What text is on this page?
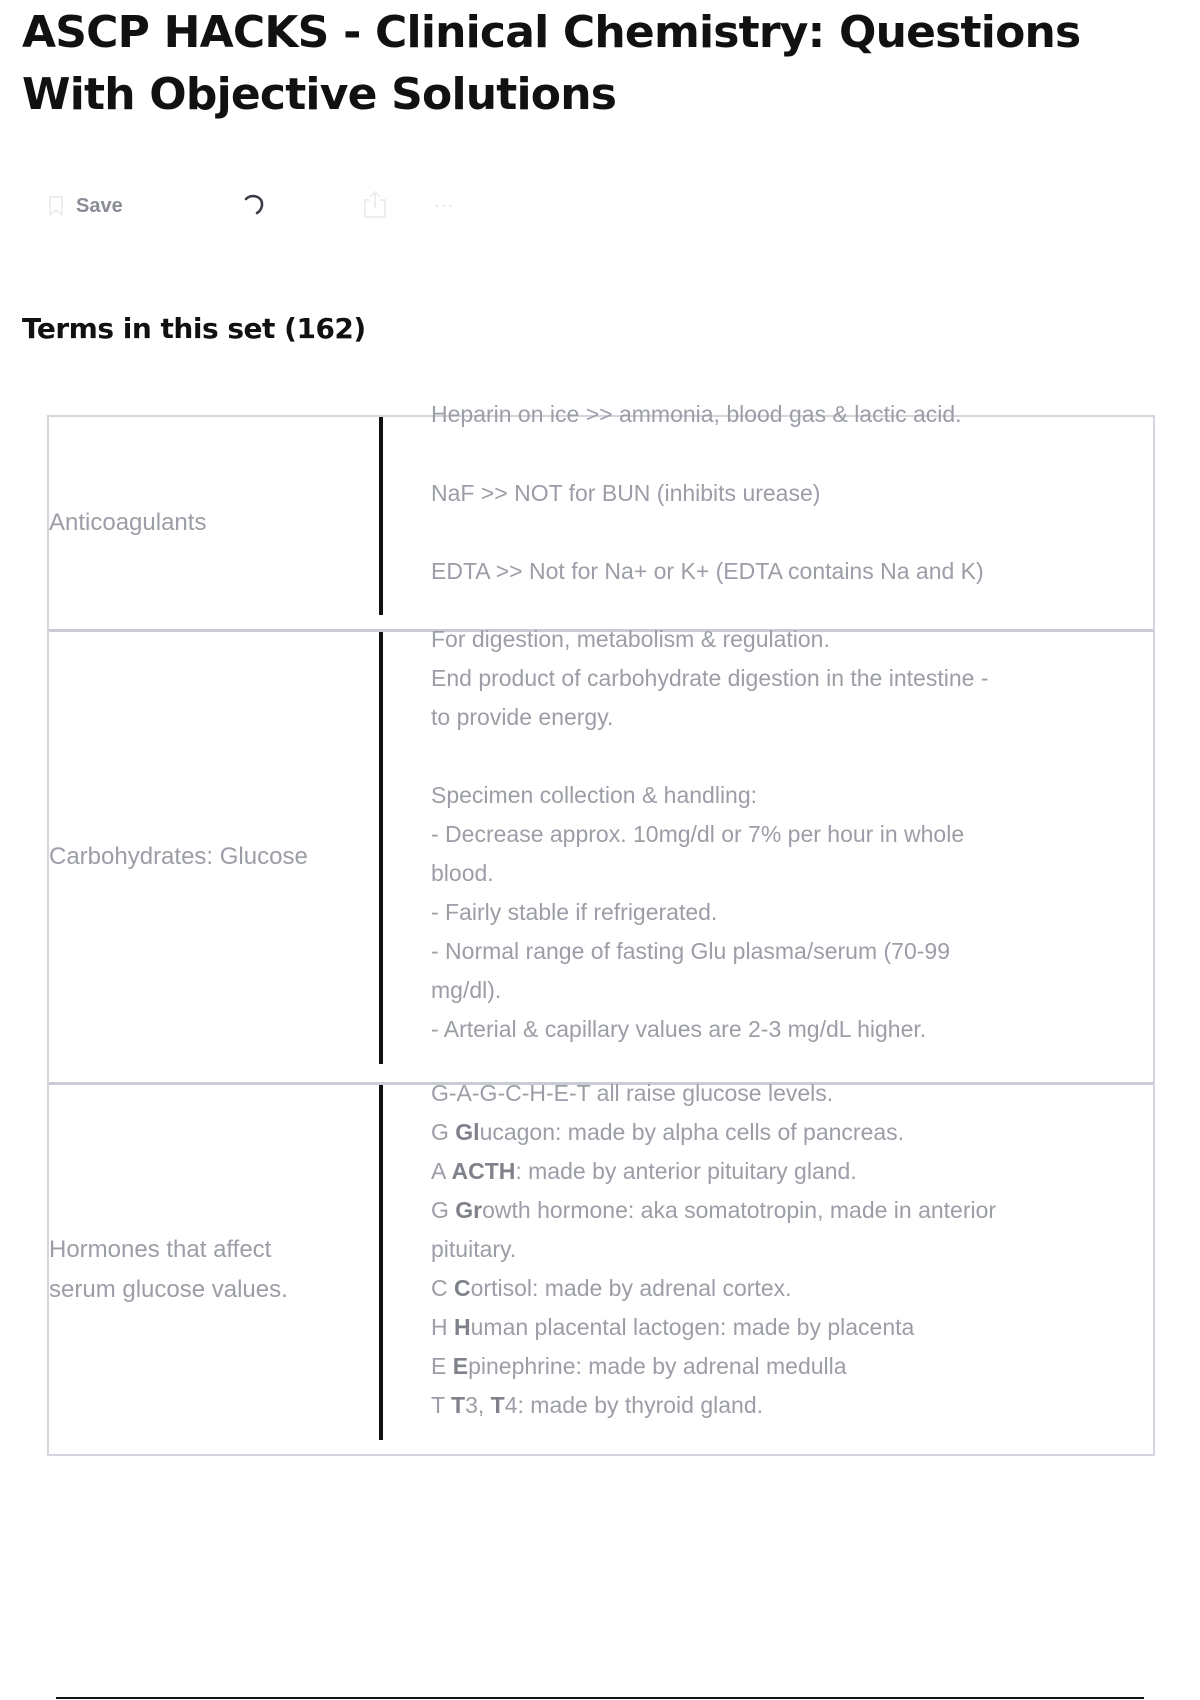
ASCP HACKS - Clinical Chemistry: Questions With Objective Solutions
Save	···
Terms in this set (162)
Anticoagulants
Heparin on ice >> ammonia, blood gas & lactic acid.
NaF >> NOT for BUN (inhibits urease)
EDTA >> Not for Na+ or K+ (EDTA contains Na and K)
Carbohydrates: Glucose
For digestion, metabolism & regulation.
End product of carbohydrate digestion in the intestine -
to provide energy.
Specimen collection & handling:
- Decrease approx. 10mg/dl or 7% per hour in whole
blood.
- Fairly stable if refrigerated.
- Normal range of fasting Glu plasma/serum (70-99
mg/dl).
- Arterial & capillary values are 2-3 mg/dL higher.
Hormones that affect
serum glucose values.
G-A-G-C-H-E-T all raise glucose levels.
G Glucagon: made by alpha cells of pancreas.
A ACTH: made by anterior pituitary gland.
G Growth hormone: aka somatotropin, made in anterior
pituitary.
C Cortisol: made by adrenal cortex.
H Human placental lactogen: made by placenta
E Epinephrine: made by adrenal medulla
T T3, T4: made by thyroid gland.
